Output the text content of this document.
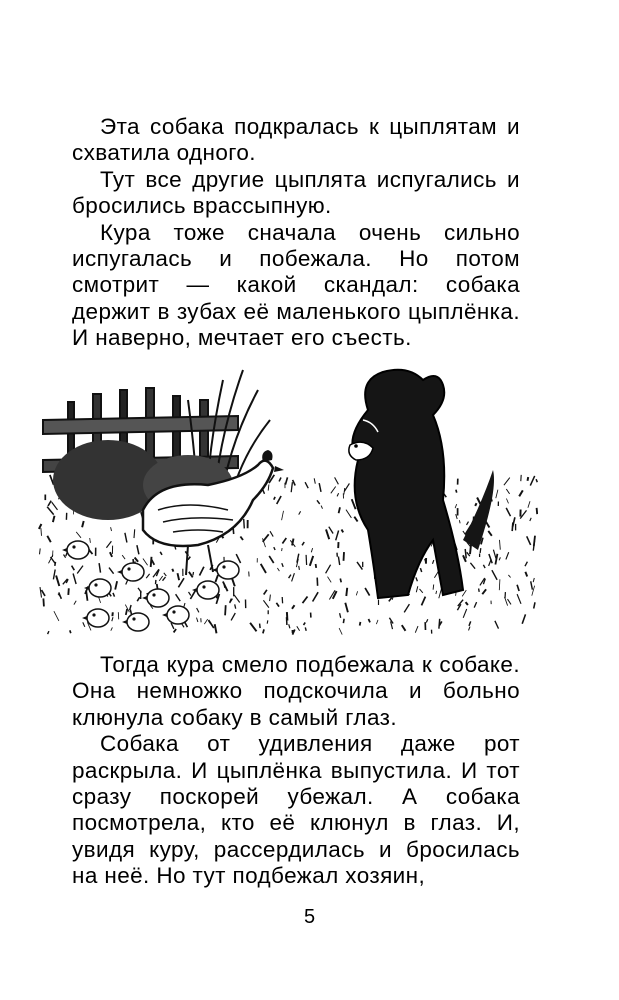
Эта собака подкралась к цыплятам и схватила одного.

Тут все другие цыплята испугались и бросились врассыпную.

Кура тоже сначала очень сильно испугалась и побежала. Но потом смотрит — какой скандал: собака держит в зубах её маленького цыплёнка. И наверно, мечтает его съесть.

Тогда кура смело подбежала к собаке. Она немножко подскочила и больно клюнула собаку в самый глаз.

Собака от удивления даже рот раскрыла. И цыплёнка выпустила. И тот сразу поскорей убежал. А собака посмотрела, кто её клюнул в глаз. И, увидя куру, рассердилась и бросилась на неё. Но тут подбежал хозяин,

5
